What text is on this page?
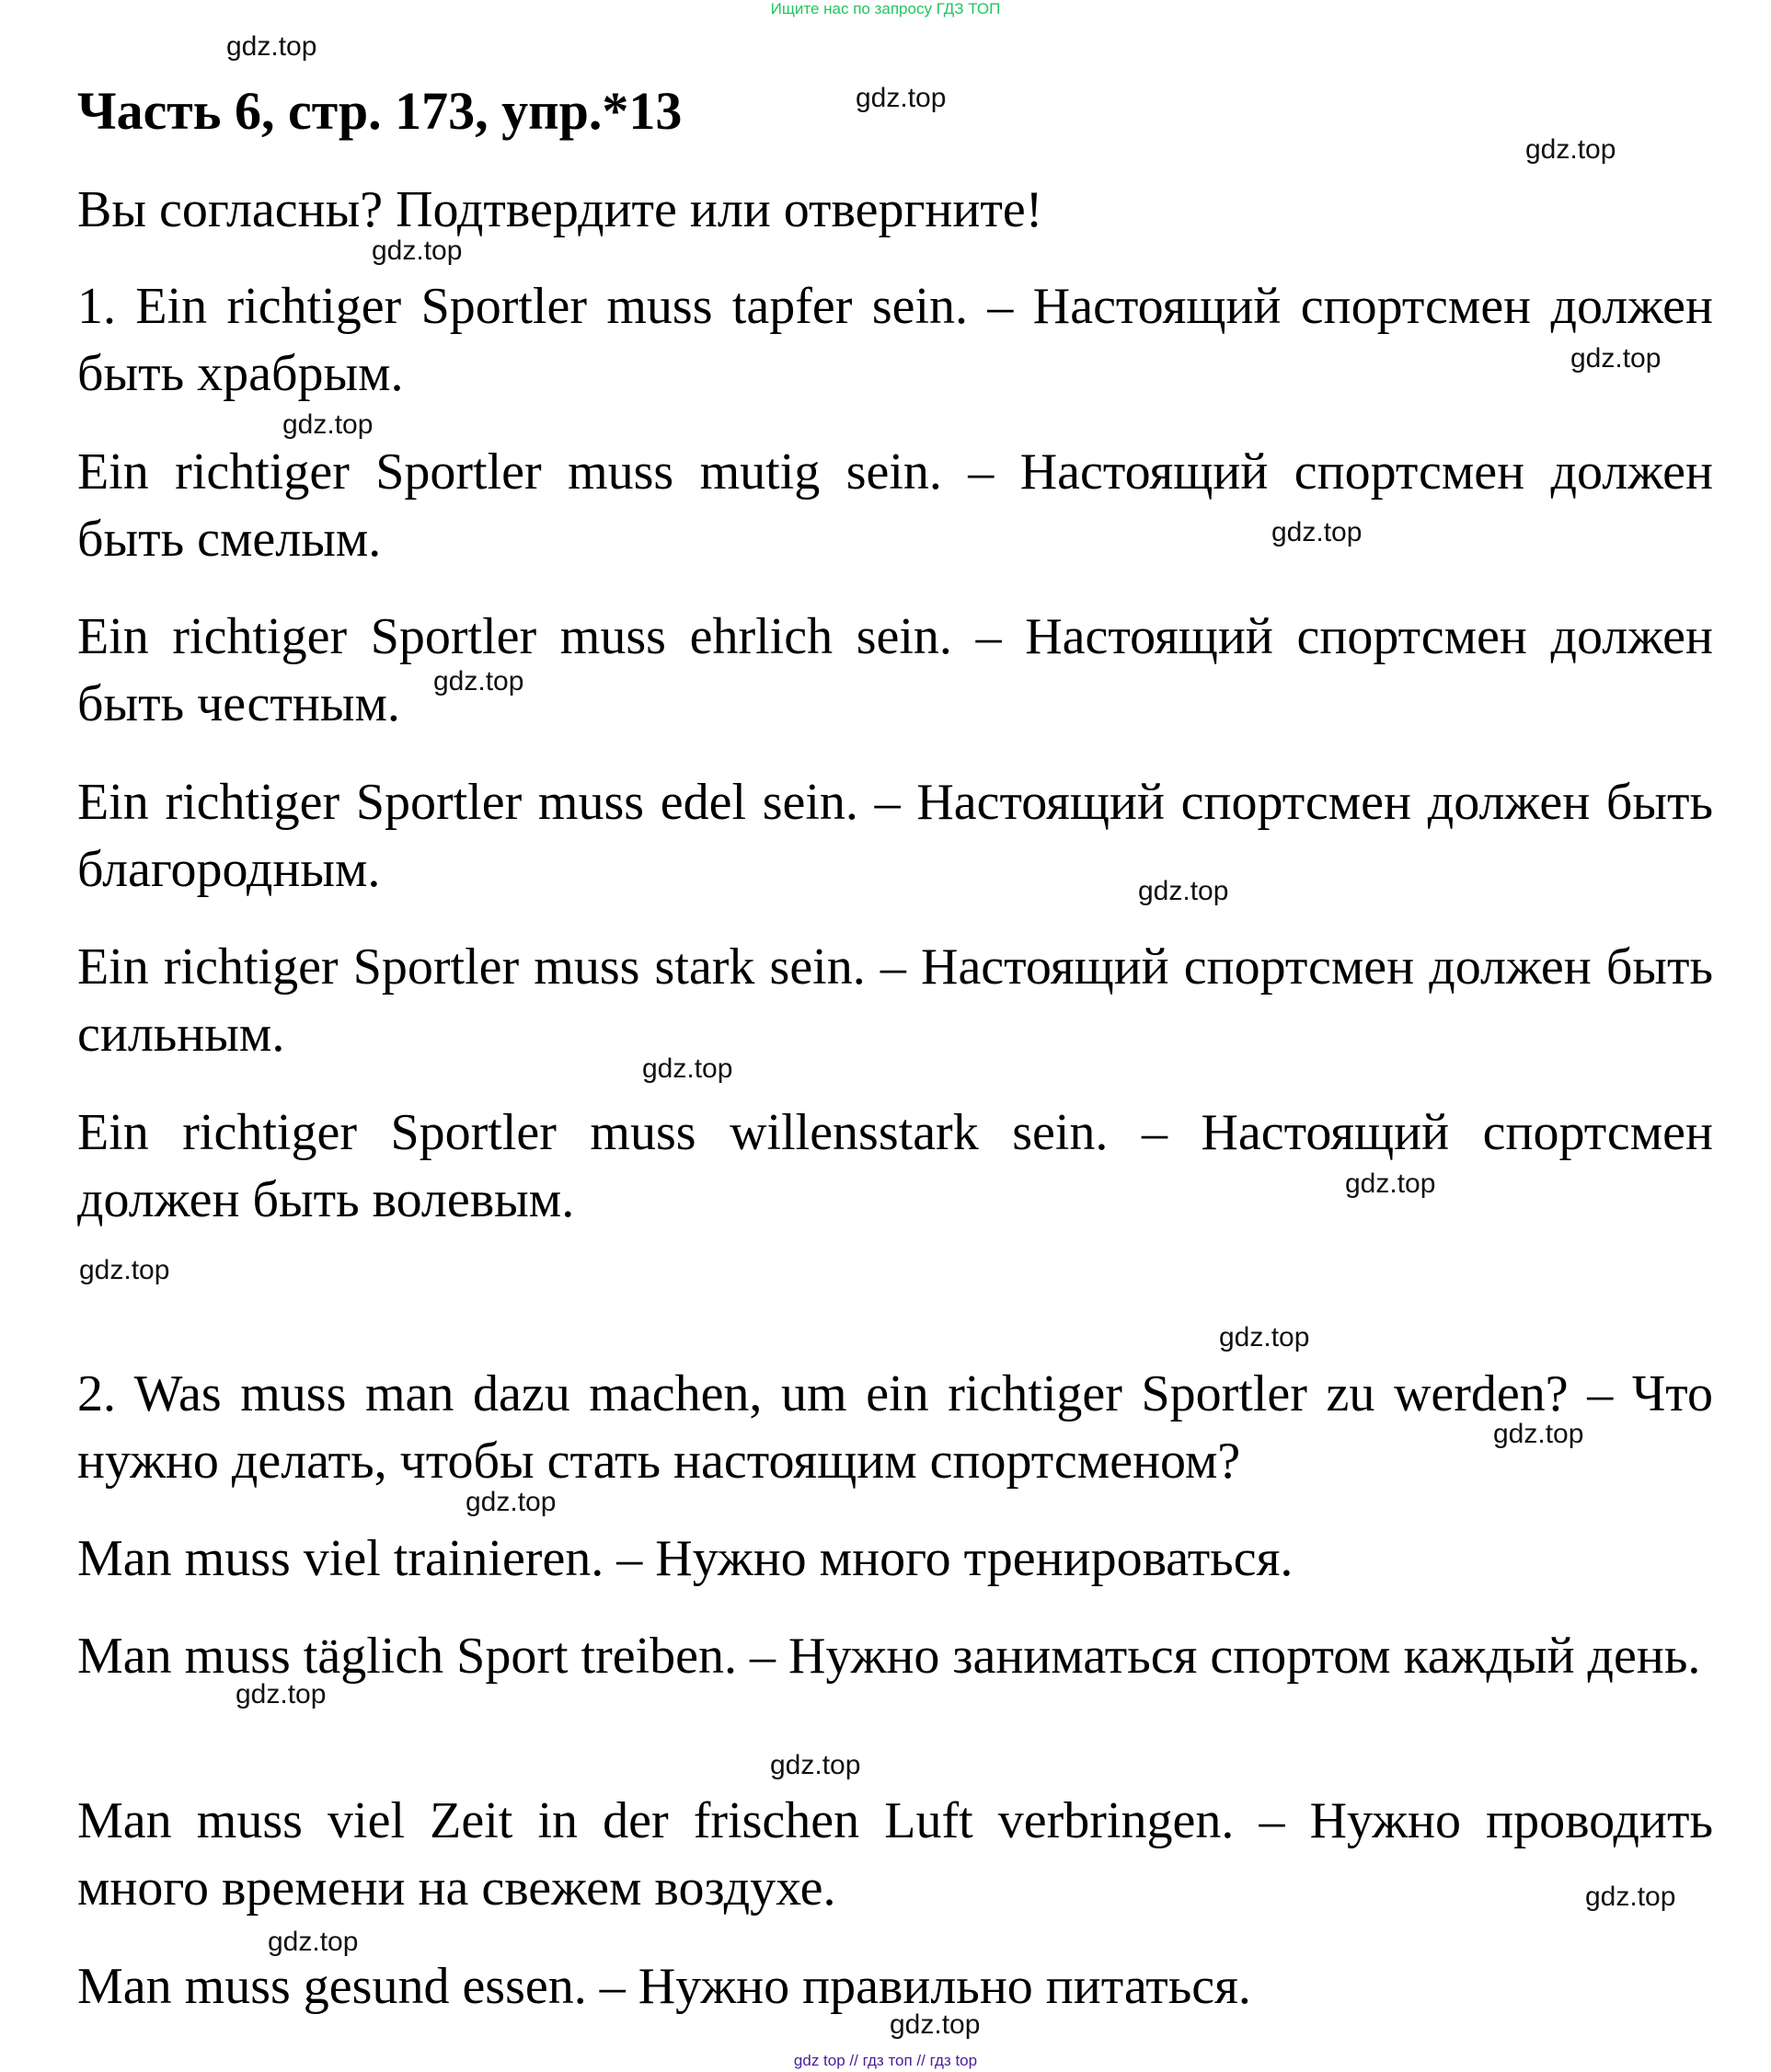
Ищите нас по запросу ГДЗ ТОП
Часть 6, стр. 173, упр.*13

Вы согласны? Подтвердите или отвергните!

1. Ein richtiger Sportler muss tapfer sein. – Настоящий спортсмен должен быть храбрым.

Ein richtiger Sportler muss mutig sein. – Настоящий спортсмен должен быть смелым.

Ein richtiger Sportler muss ehrlich sein. – Настоящий спортсмен должен быть честным.

Ein richtiger Sportler muss edel sein. – Настоящий спортсмен должен быть благородным.

Ein richtiger Sportler muss stark sein. – Настоящий спортсмен должен быть сильным.

Ein richtiger Sportler muss willensstark sein. – Настоящий спортсмен должен быть волевым.

2. Was muss man dazu machen, um ein richtiger Sportler zu werden? – Что нужно делать, чтобы стать настоящим спортсменом?

Man muss viel trainieren. – Нужно много тренироваться.

Man muss täglich Sport treiben. – Нужно заниматься спортом каждый день.

Man muss viel Zeit in der frischen Luft verbringen. – Нужно проводить много времени на свежем воздухе.

Man muss gesund essen. – Нужно правильно питаться.

gdz.top
gdz.top
gdz.top
gdz.top
gdz.top
gdz.top
gdz.top
gdz.top
gdz.top
gdz.top
gdz.top
gdz.top
gdz.top
gdz.top
gdz.top
gdz.top
gdz.top
gdz.top
gdz.top
gdz.top
gdz top // гдз топ // гдз top
